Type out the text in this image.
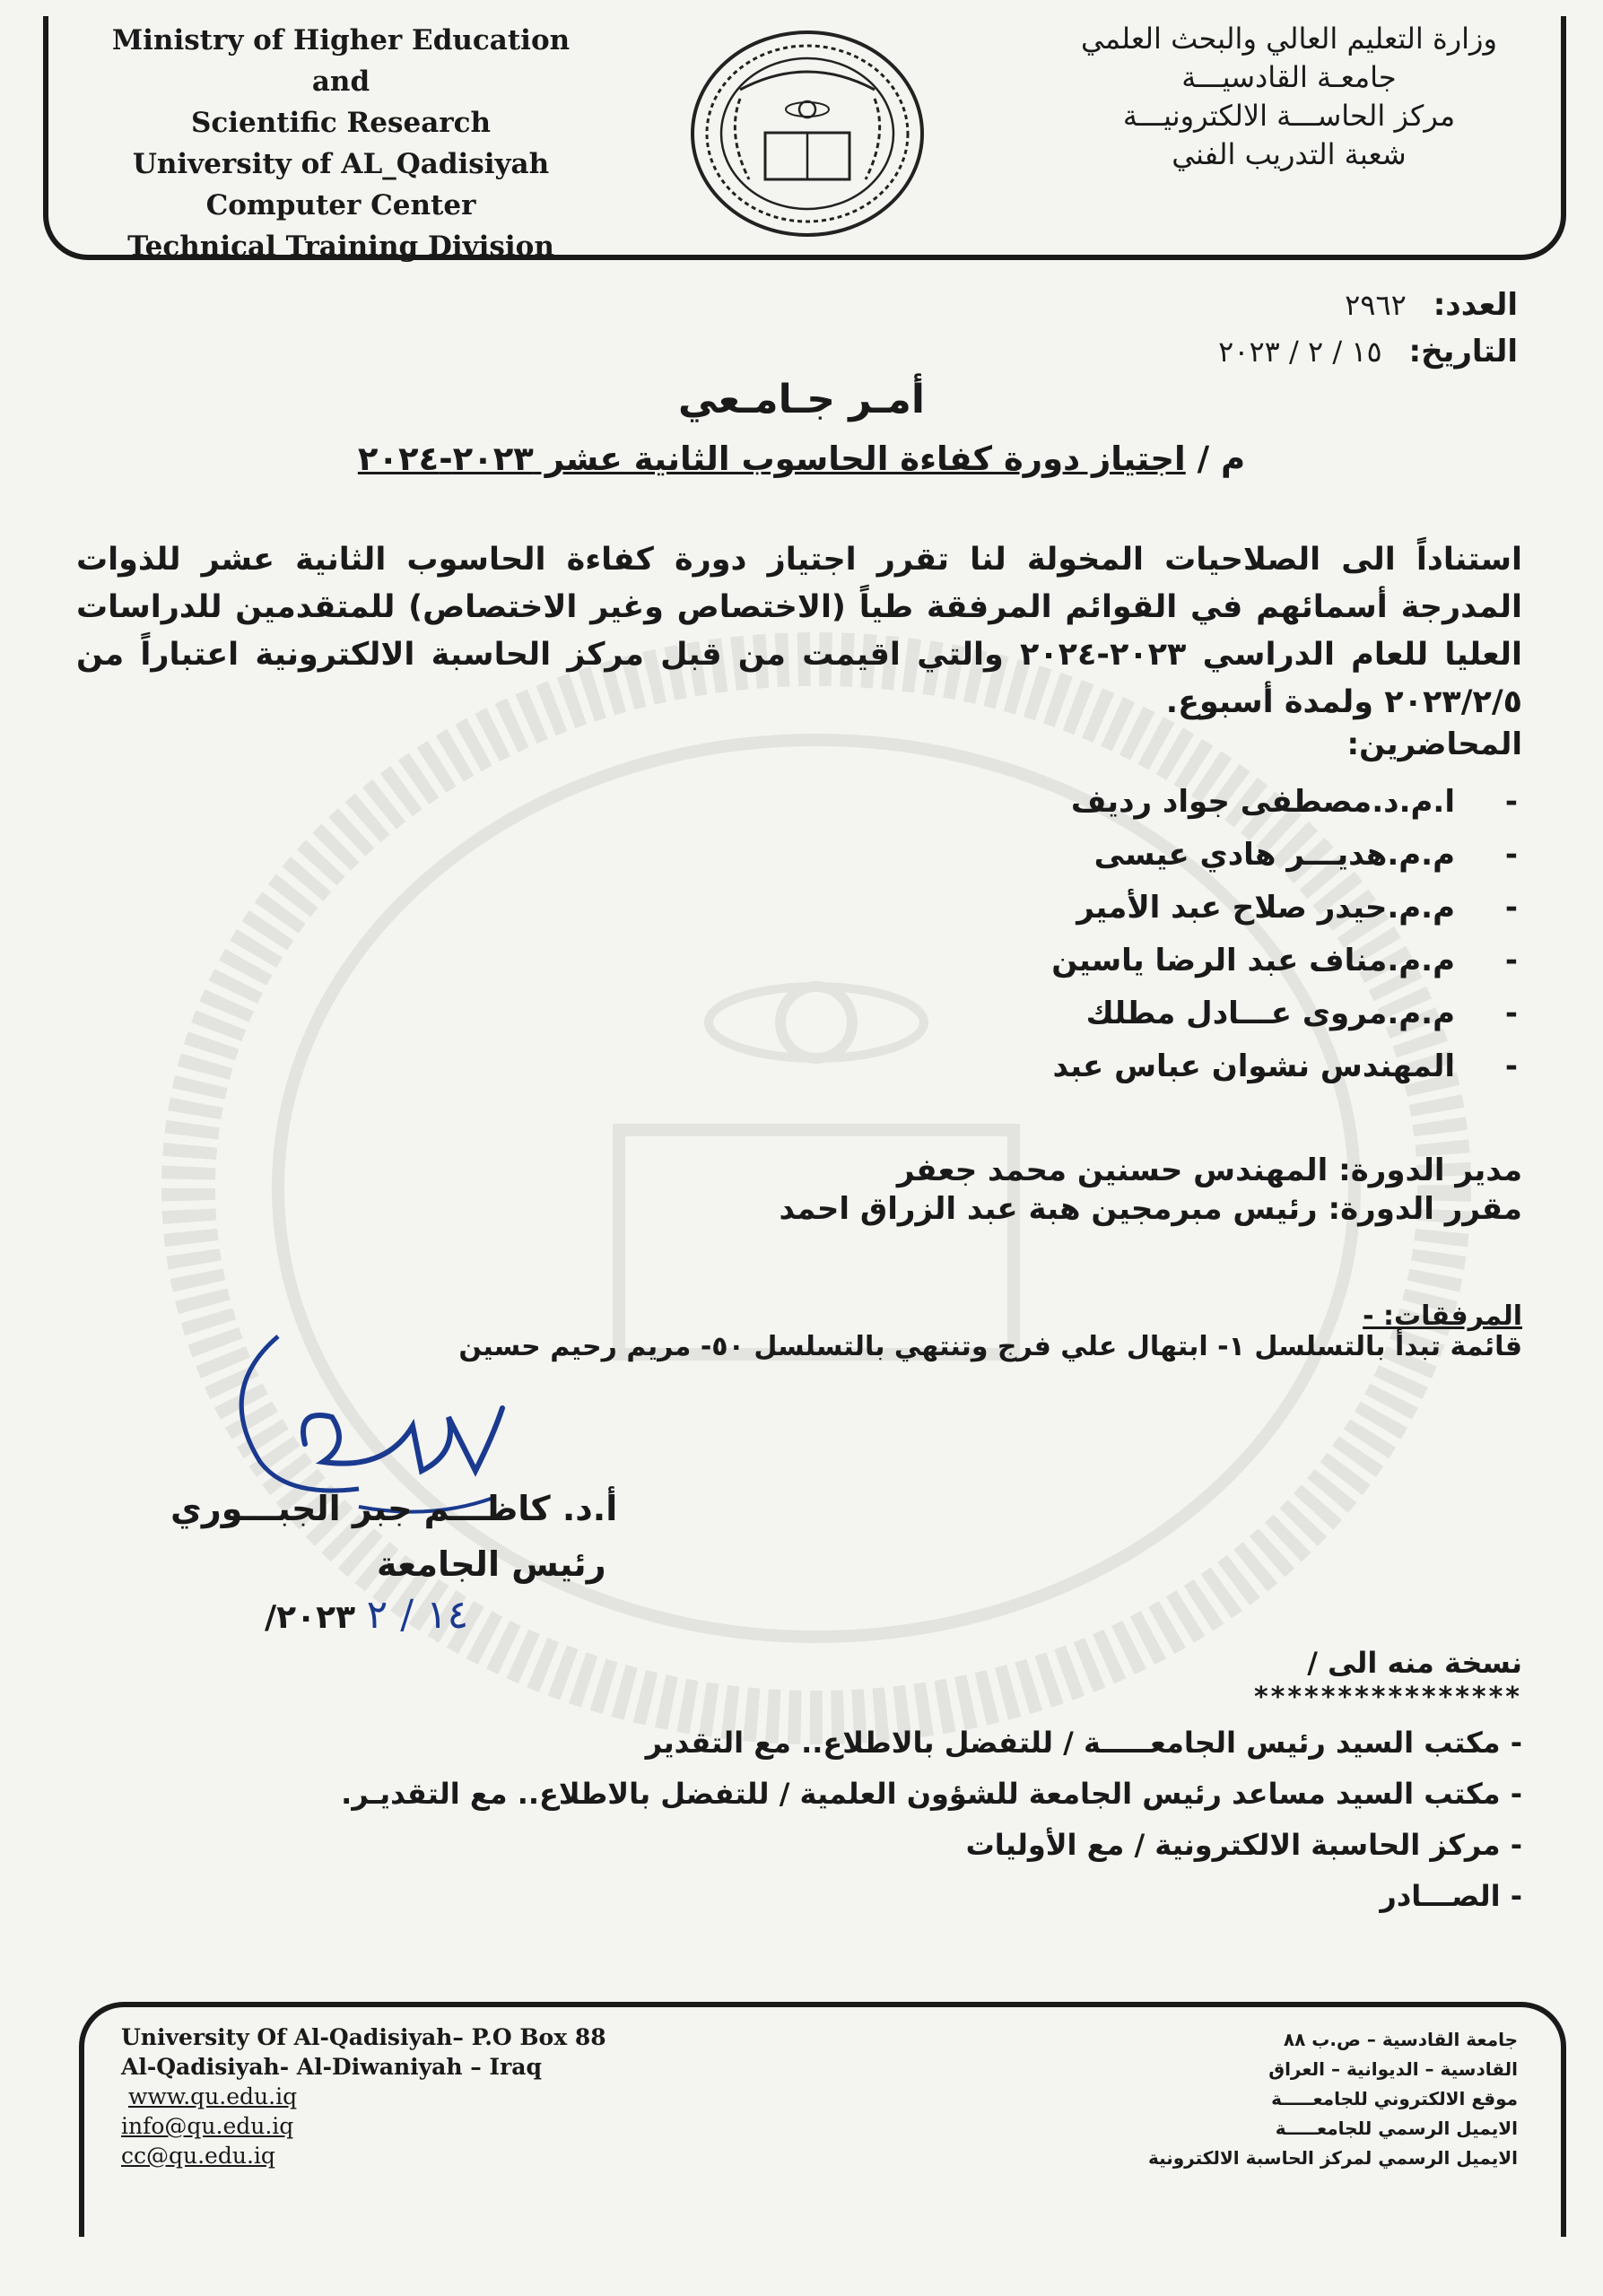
Ministry of Higher Education and
Scientific Research
University of AL_Qadisiyah
Computer Center
Technical Training Division
وزارة التعليم العالي والبحث العلمي
جامعـة القادسيـــة
مركز الحاســـة الالكترونيـــة
شعبة التدريب الفني
العدد: ٢٩٦٢
التاريخ: ١٥ / ٢ / ٢٠٢٣
أمـر جـامـعي
م / اجتياز دورة كفاءة الحاسوب الثانية عشر ٢٠٢٣-٢٠٢٤
استناداً الى الصلاحيات المخولة لنا تقرر اجتياز دورة كفاءة الحاسوب الثانية عشر للذوات المدرجة أسمائهم في القوائم المرفقة طياً (الاختصاص وغير الاختصاص) للمتقدمين للدراسات العليا للعام الدراسي ٢٠٢٣-٢٠٢٤ والتي اقيمت من قبل مركز الحاسبة الالكترونية اعتباراً من ٢٠٢٣/٢/٥ ولمدة أسبوع.
المحاضرين:
-ا.م.د.مصطفى جواد رديف
-م.م.هديـــر هادي عيسى
-م.م.حيدر صلاح عبد الأمير
-م.م.مناف عبد الرضا ياسين
-م.م.مروى عـــادل مطلك
-المهندس نشوان عباس عبد
مدير الدورة: المهندس حسنين محمد جعفر
مقرر الدورة: رئيس مبرمجين هبة عبد الزراق احمد
المرفقات: -
قائمة تبدأ بالتسلسل ١- ابتهال علي فرج وتنتهي بالتسلسل ٥٠- مريم رحيم حسين
أ.د. كاظـــم جبر الجبـــوري
رئيس الجامعة
١٤ / ٢ ٢٠٢٣/
نسخة منه الى /
****************
- مكتب السيد رئيس الجامعـــــة / للتفضل بالاطلاع.. مع التقدير
- مكتب السيد مساعد رئيس الجامعة للشؤون العلمية / للتفضل بالاطلاع.. مع التقديـر.
- مركز الحاسبة الالكترونية / مع الأوليات
- الصـــادر
University Of Al-Qadisiyah– P.O Box 88
Al-Qadisiyah- Al-Diwaniyah – Iraq
www.qu.edu.iq
info@qu.edu.iq
cc@qu.edu.iq
جامعة القادسية – ص.ب ٨٨
القادسية – الديوانية – العراق
موقع الالكتروني للجامعـــــة
الايميل الرسمي للجامعـــــة
الايميل الرسمي لمركز الحاسبة الالكترونية
